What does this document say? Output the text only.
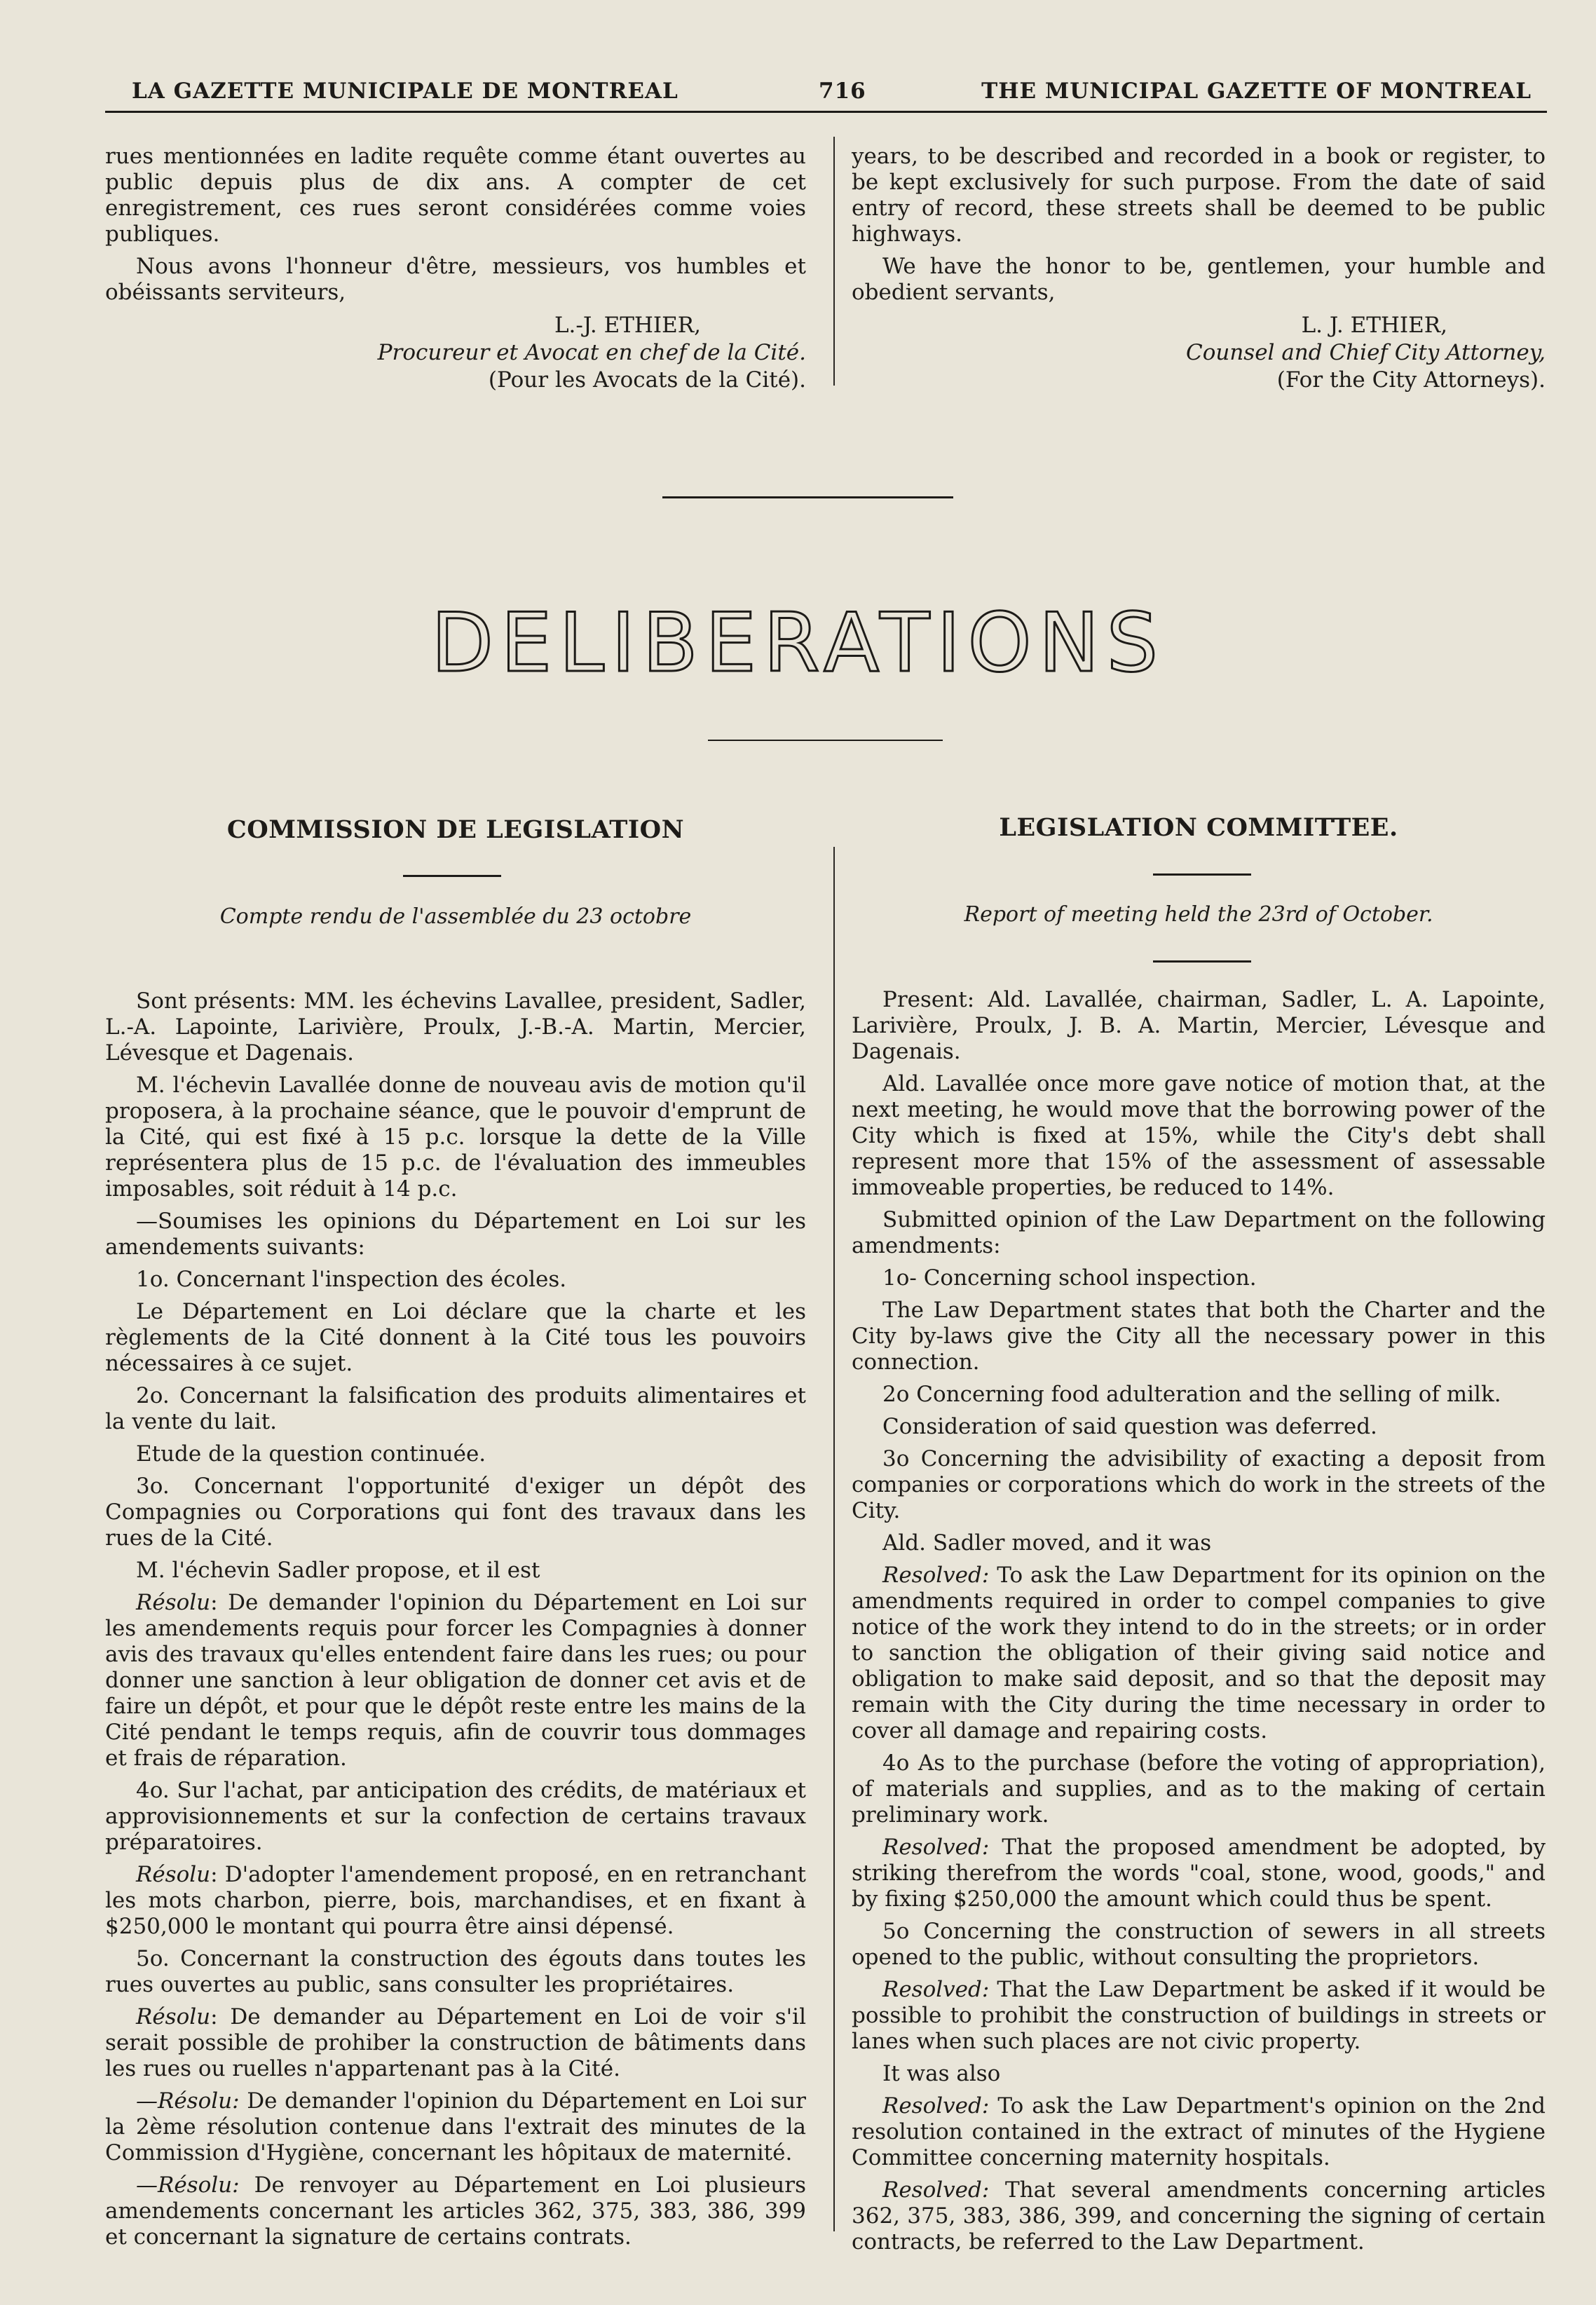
LA GAZETTE MUNICIPALE DE MONTREAL	716	THE MUNICIPAL GAZETTE OF MONTREAL

rues mentionnées en ladite requête comme étant ouvertes au public depuis plus de dix ans. A compter de cet enregistrement, ces rues seront considérées comme voies publiques.

Nous avons l'honneur d'être, messieurs, vos humbles et obéissants serviteurs,

L.-J. ETHIER,
Procureur et Avocat en chef de la Cité.
(Pour les Avocats de la Cité).

years, to be described and recorded in a book or register, to be kept exclusively for such purpose. From the date of said entry of record, these streets shall be deemed to be public highways.

We have the honor to be, gentlemen, your humble and obedient servants,

L. J. ETHIER,
Counsel and Chief City Attorney,
(For the City Attorneys).
DELIBERATIONS
COMMISSION DE LEGISLATION
Compte rendu de l'assemblée du 23 octobre

Sont présents: MM. les échevins Lavallee, president, Sadler, L.-A. Lapointe, Larivière, Proulx, J.-B.-A. Martin, Mercier, Lévesque et Dagenais.

M. l'échevin Lavallée donne de nouveau avis de motion qu'il proposera, à la prochaine séance, que le pouvoir d'emprunt de la Cité, qui est fixé à 15 p.c. lorsque la dette de la Ville représentera plus de 15 p.c. de l'évaluation des immeubles imposables, soit réduit à 14 p.c.

—Soumises les opinions du Département en Loi sur les amendements suivants:

1o. Concernant l'inspection des écoles.

Le Département en Loi déclare que la charte et les règlements de la Cité donnent à la Cité tous les pouvoirs nécessaires à ce sujet.

2o. Concernant la falsification des produits alimentaires et la vente du lait.

Etude de la question continuée.

3o. Concernant l'opportunité d'exiger un dépôt des Compagnies ou Corporations qui font des travaux dans les rues de la Cité.

M. l'échevin Sadler propose, et il est

Résolu: De demander l'opinion du Département en Loi sur les amendements requis pour forcer les Compagnies à donner avis des travaux qu'elles entendent faire dans les rues; ou pour donner une sanction à leur obligation de donner cet avis et de faire un dépôt, et pour que le dépôt reste entre les mains de la Cité pendant le temps requis, afin de couvrir tous dommages et frais de réparation.

4o. Sur l'achat, par anticipation des crédits, de matériaux et approvisionnements et sur la confection de certains travaux préparatoires.

Résolu: D'adopter l'amendement proposé, en en retranchant les mots charbon, pierre, bois, marchandises, et en fixant à $250,000 le montant qui pourra être ainsi dépensé.

5o. Concernant la construction des égouts dans toutes les rues ouvertes au public, sans consulter les propriétaires.

Résolu: De demander au Département en Loi de voir s'il serait possible de prohiber la construction de bâtiments dans les rues ou ruelles n'appartenant pas à la Cité.

—Résolu: De demander l'opinion du Département en Loi sur la 2ème résolution contenue dans l'extrait des minutes de la Commission d'Hygiène, concernant les hôpitaux de maternité.

—Résolu: De renvoyer au Département en Loi plusieurs amendements concernant les articles 362, 375, 383, 386, 399 et concernant la signature de certains contrats.

LEGISLATION COMMITTEE.
Report of meeting held the 23rd of October.

Present: Ald. Lavallée, chairman, Sadler, L. A. Lapointe, Larivière, Proulx, J. B. A. Martin, Mercier, Lévesque and Dagenais.

Ald. Lavallée once more gave notice of motion that, at the next meeting, he would move that the borrowing power of the City which is fixed at 15%, while the City's debt shall represent more that 15% of the assessment of assessable immoveable properties, be reduced to 14%.

Submitted opinion of the Law Department on the following amendments:

1o- Concerning school inspection.

The Law Department states that both the Charter and the City by-laws give the City all the necessary power in this connection.

2o Concerning food adulteration and the selling of milk.

Consideration of said question was deferred.

3o Concerning the advisibility of exacting a deposit from companies or corporations which do work in the streets of the City.

Ald. Sadler moved, and it was

Resolved: To ask the Law Department for its opinion on the amendments required in order to compel companies to give notice of the work they intend to do in the streets; or in order to sanction the obligation of their giving said notice and obligation to make said deposit, and so that the deposit may remain with the City during the time necessary in order to cover all damage and repairing costs.

4o As to the purchase (before the voting of appropriation), of materials and supplies, and as to the making of certain preliminary work.

Resolved: That the proposed amendment be adopted, by striking therefrom the words "coal, stone, wood, goods," and by fixing $250,000 the amount which could thus be spent.

5o Concerning the construction of sewers in all streets opened to the public, without consulting the proprietors.

Resolved: That the Law Department be asked if it would be possible to prohibit the construction of buildings in streets or lanes when such places are not civic property.

It was also

Resolved: To ask the Law Department's opinion on the 2nd resolution contained in the extract of minutes of the Hygiene Committee concerning maternity hospitals.

Resolved: That several amendments concerning articles 362, 375, 383, 386, 399, and concerning the signing of certain contracts, be referred to the Law Department.
